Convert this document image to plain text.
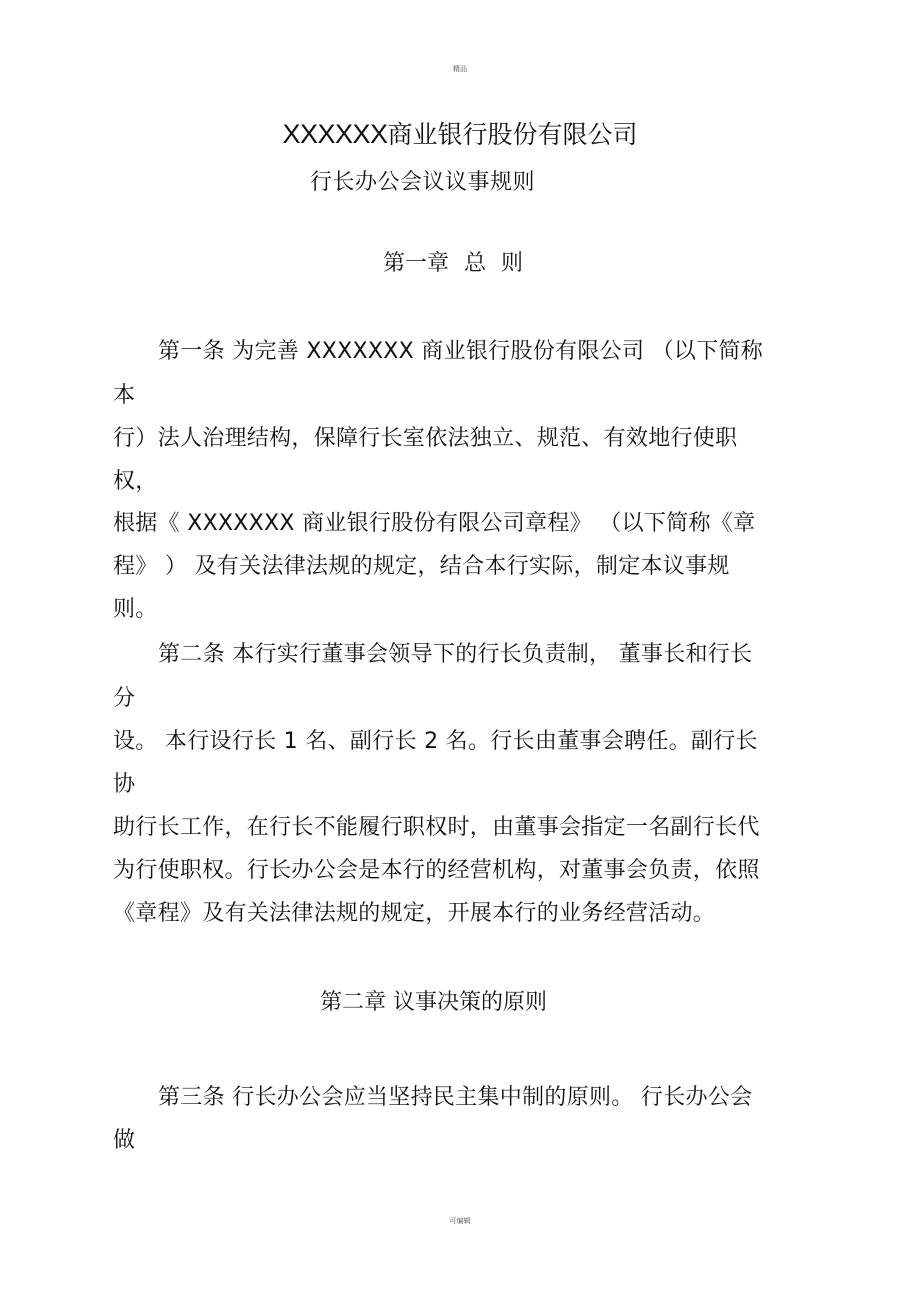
精品
XXXXXX商业银行股份有限公司
行长办公会议议事规则
第一章 总 则
第一条 为完善 XXXXXXX 商业银行股份有限公司 （以下简称
本
行）法人治理结构，保障行长室依法独立、规范、有效地行使职
权，
根据《 XXXXXXX 商业银行股份有限公司章程》 （以下简称《章
程》 ） 及有关法律法规的规定，结合本行实际，制定本议事规
则。
第二条 本行实行董事会领导下的行长负责制， 董事长和行长
分
设。 本行设行长 1 名、副行长 2 名。行长由董事会聘任。副行长
协
助行长工作，在行长不能履行职权时，由董事会指定一名副行长代
为行使职权。行长办公会是本行的经营机构，对董事会负责，依照
《章程》及有关法律法规的规定，开展本行的业务经营活动。
第二章 议事决策的原则
第三条 行长办公会应当坚持民主集中制的原则。 行长办公会
做
可编辑
